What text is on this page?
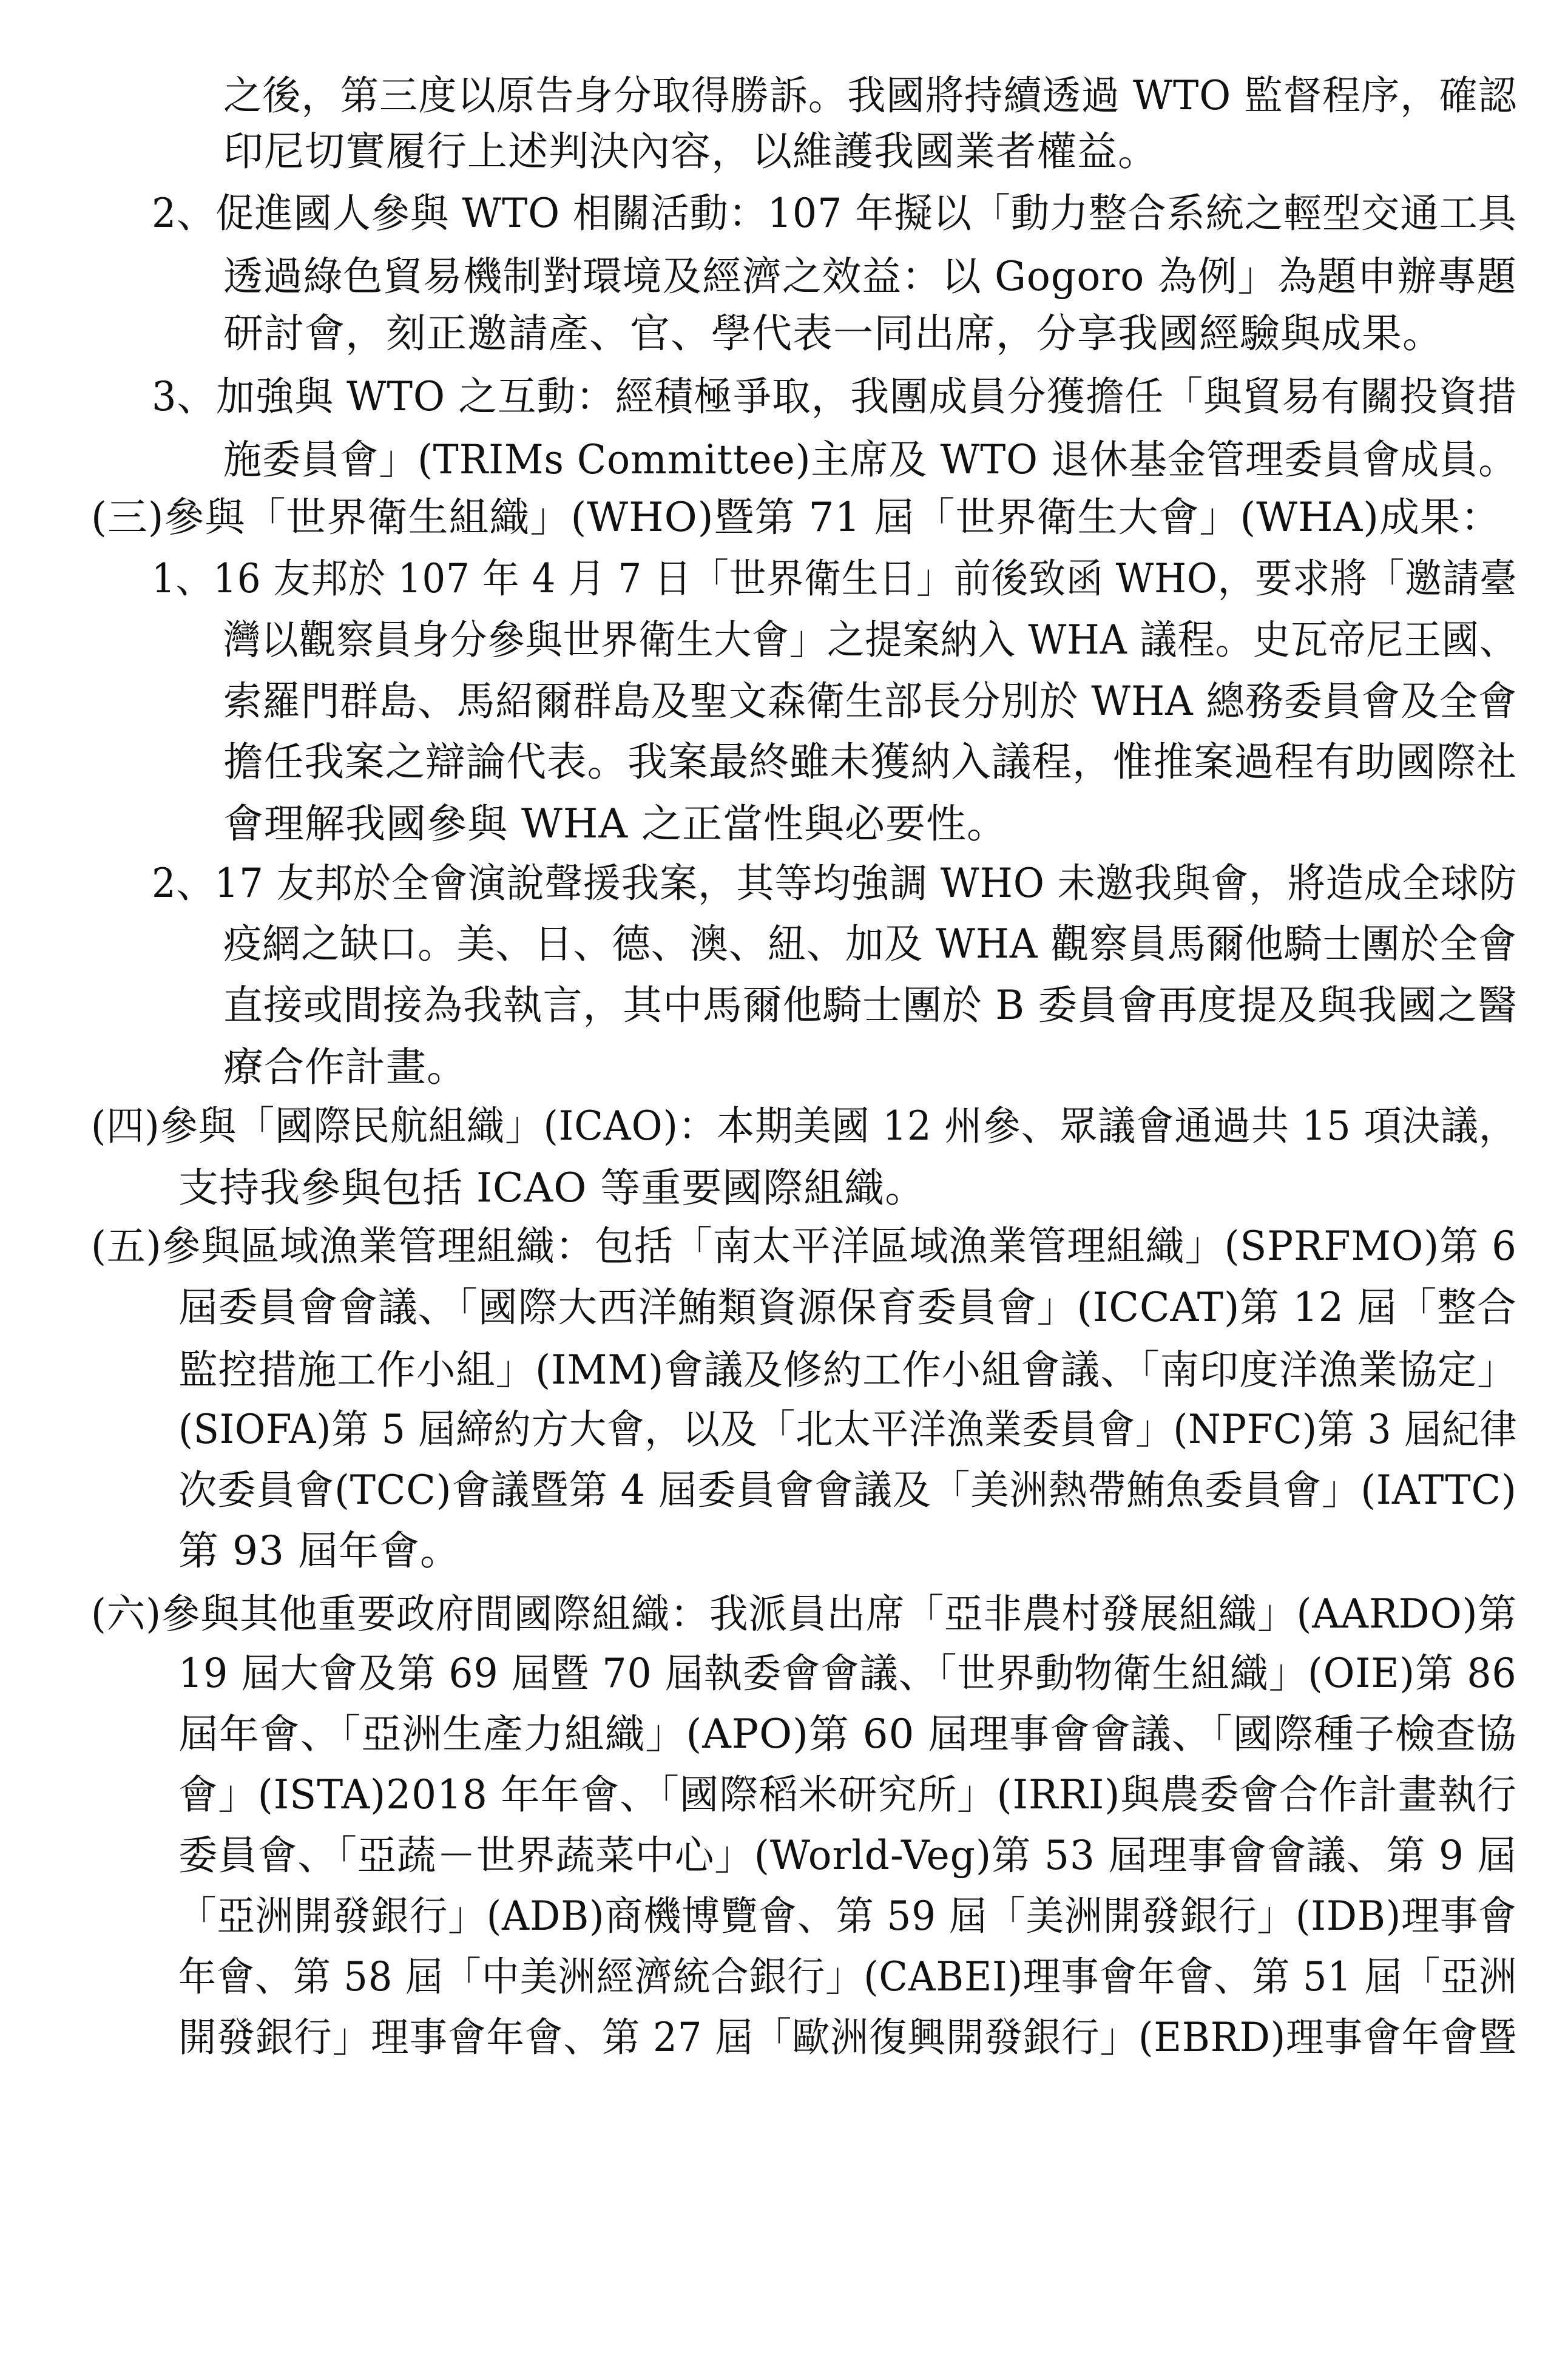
之後，第三度以原告身分取得勝訴。我國將持續透過 WTO 監督程序，確認
印尼切實履行上述判決內容，以維護我國業者權益。
2、促進國人參與 WTO 相關活動：107 年擬以「動力整合系統之輕型交通工具
透過綠色貿易機制對環境及經濟之效益：以 Gogoro 為例」為題申辦專題
研討會，刻正邀請產、官、學代表一同出席，分享我國經驗與成果。
3、加強與 WTO 之互動：經積極爭取，我團成員分獲擔任「與貿易有關投資措
施委員會」(TRIMs Committee)主席及 WTO 退休基金管理委員會成員。
(三)參與「世界衛生組織」(WHO)暨第 71 屆「世界衛生大會」(WHA)成果：
1、16 友邦於 107 年 4 月 7 日「世界衛生日」前後致函 WHO，要求將「邀請臺
灣以觀察員身分參與世界衛生大會」之提案納入 WHA 議程。史瓦帝尼王國、
索羅門群島、馬紹爾群島及聖文森衛生部長分別於 WHA 總務委員會及全會
擔任我案之辯論代表。我案最終雖未獲納入議程，惟推案過程有助國際社
會理解我國參與 WHA 之正當性與必要性。
2、17 友邦於全會演說聲援我案，其等均強調 WHO 未邀我與會，將造成全球防
疫網之缺口。美、日、德、澳、紐、加及 WHA 觀察員馬爾他騎士團於全會
直接或間接為我執言，其中馬爾他騎士團於 B 委員會再度提及與我國之醫
療合作計畫。
(四)參與「國際民航組織」(ICAO)：本期美國 12 州參、眾議會通過共 15 項決議，
支持我參與包括 ICAO 等重要國際組織。
(五)參與區域漁業管理組織：包括「南太平洋區域漁業管理組織」(SPRFMO)第 6
屆委員會會議、「國際大西洋鮪類資源保育委員會」(ICCAT)第 12 屆「整合
監控措施工作小組」(IMM)會議及修約工作小組會議、「南印度洋漁業協定」
(SIOFA)第 5 屆締約方大會，以及「北太平洋漁業委員會」(NPFC)第 3 屆紀律
次委員會(TCC)會議暨第 4 屆委員會會議及「美洲熱帶鮪魚委員會」(IATTC)
第 93 屆年會。
(六)參與其他重要政府間國際組織：我派員出席「亞非農村發展組織」(AARDO)第
19 屆大會及第 69 屆暨 70 屆執委會會議、「世界動物衛生組織」(OIE)第 86
屆年會、「亞洲生產力組織」(APO)第 60 屆理事會會議、「國際種子檢查協
會」(ISTA)2018 年年會、「國際稻米研究所」(IRRI)與農委會合作計畫執行
委員會、「亞蔬－世界蔬菜中心」(World-Veg)第 53 屆理事會會議、第 9 屆
「亞洲開發銀行」(ADB)商機博覽會、第 59 屆「美洲開發銀行」(IDB)理事會
年會、第 58 屆「中美洲經濟統合銀行」(CABEI)理事會年會、第 51 屆「亞洲
開發銀行」理事會年會、第 27 屆「歐洲復興開發銀行」(EBRD)理事會年會暨
